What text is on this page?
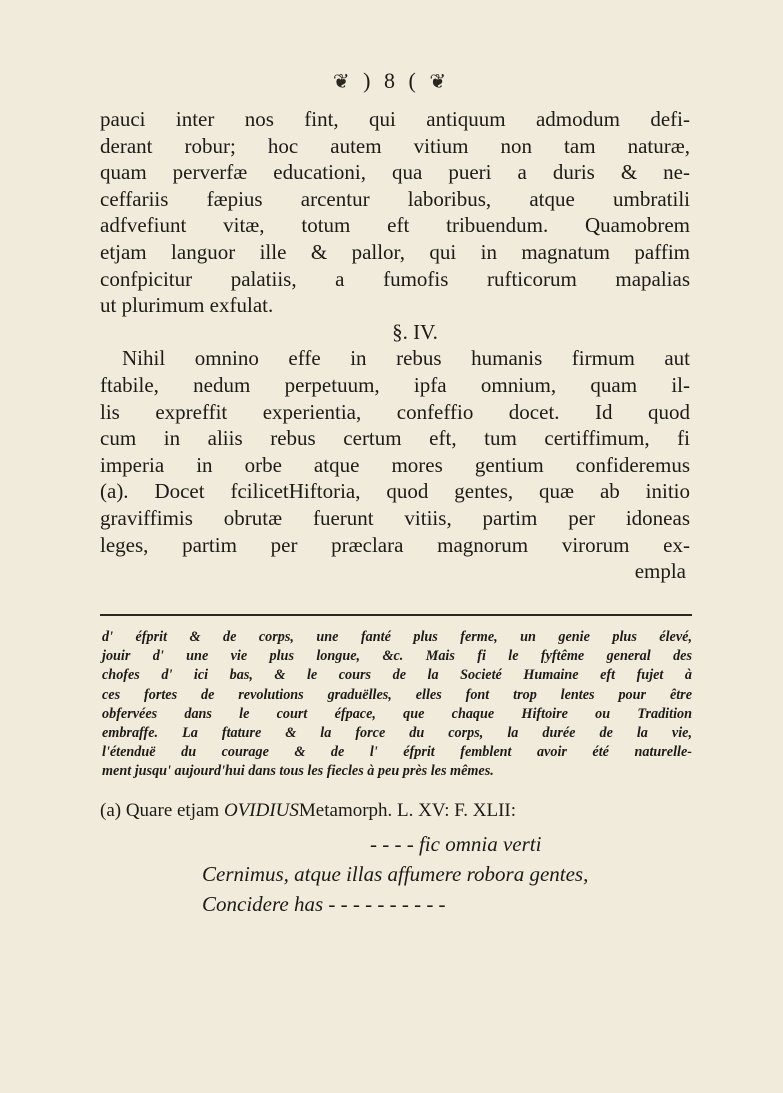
❦ ) 8 ( ❦
pauci inter nos fint, qui antiquum admodum defi-
derant robur; hoc autem vitium non tam naturæ,
quam perverfæ educationi, qua pueri a duris & ne-
ceffariis fæpius arcentur laboribus, atque umbratili
adfvefiunt vitæ, totum eft tribuendum. Quamobrem
etjam languor ille & pallor, qui in magnatum paffim
confpicitur palatiis, a fumofis rufticorum mapalias
ut plurimum exfulat.
§. IV.
Nihil omnino effe in rebus humanis firmum aut
ftabile, nedum perpetuum, ipfa omnium, quam il-
lis expreffit experientia, confeffio docet. Id quod
cum in aliis rebus certum eft, tum certiffimum, fi
imperia in orbe atque mores gentium confideremus
(a). Docet fcilicetHiftoria, quod gentes, quæ ab initio
graviffimis obrutæ fuerunt vitiis, partim per idoneas
leges, partim per præclara magnorum virorum ex-
empla
d' éfprit & de corps, une fanté plus ferme, un genie plus élevé,
jouir d' une vie plus longue, &c. Mais fi le fyftême general des
chofes d' ici bas, & le cours de la Societé Humaine eft fujet à
ces fortes de revolutions graduëlles, elles font trop lentes pour être
obfervées dans le court éfpace, que chaque Hiftoire ou Tradition
embraffe. La ftature & la force du corps, la durée de la vie,
l'étenduë du courage & de l' éfprit femblent avoir été naturelle-
ment jusqu' aujourd'hui dans tous les fiecles à peu près les mêmes.
(a) Quare etjam OVIDIUSMetamorph. L. XV: F. XLII:
- - - - fic omnia verti
Cernimus, atque illas affumere robora gentes,
Concidere has - - - - - - - - - -
